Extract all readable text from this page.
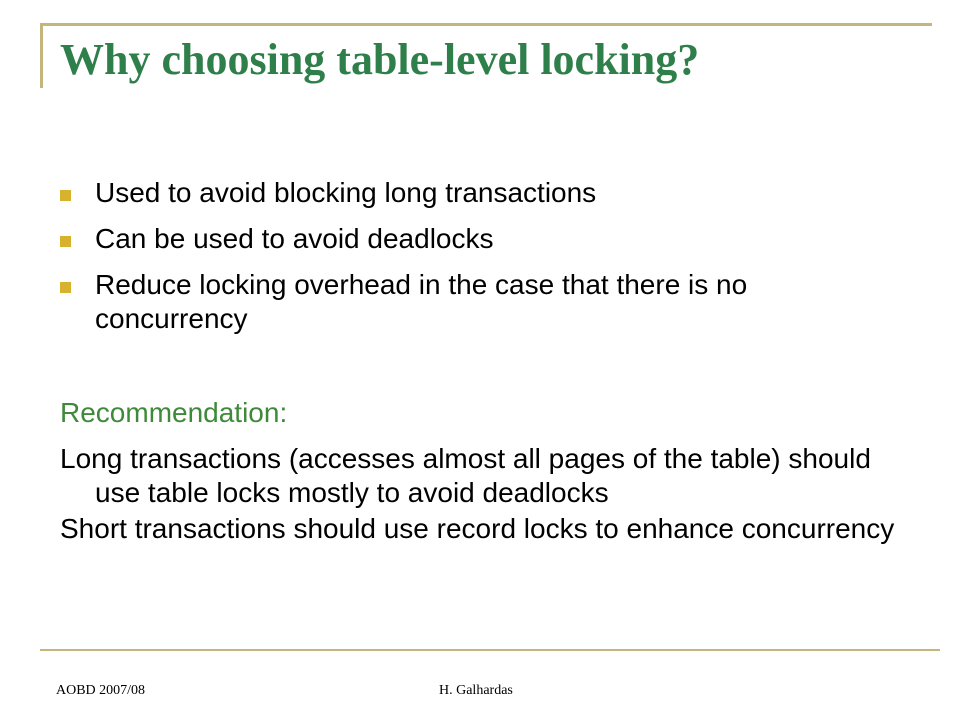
Why choosing table-level locking?
Used to avoid blocking long transactions
Can be used to avoid deadlocks
Reduce locking overhead in the case that there is no concurrency

Recommendation:

Long transactions (accesses almost all pages of the table) should use table locks mostly to avoid deadlocks

Short transactions should use record locks to enhance concurrency

AOBD 2007/08	H. Galhardas
